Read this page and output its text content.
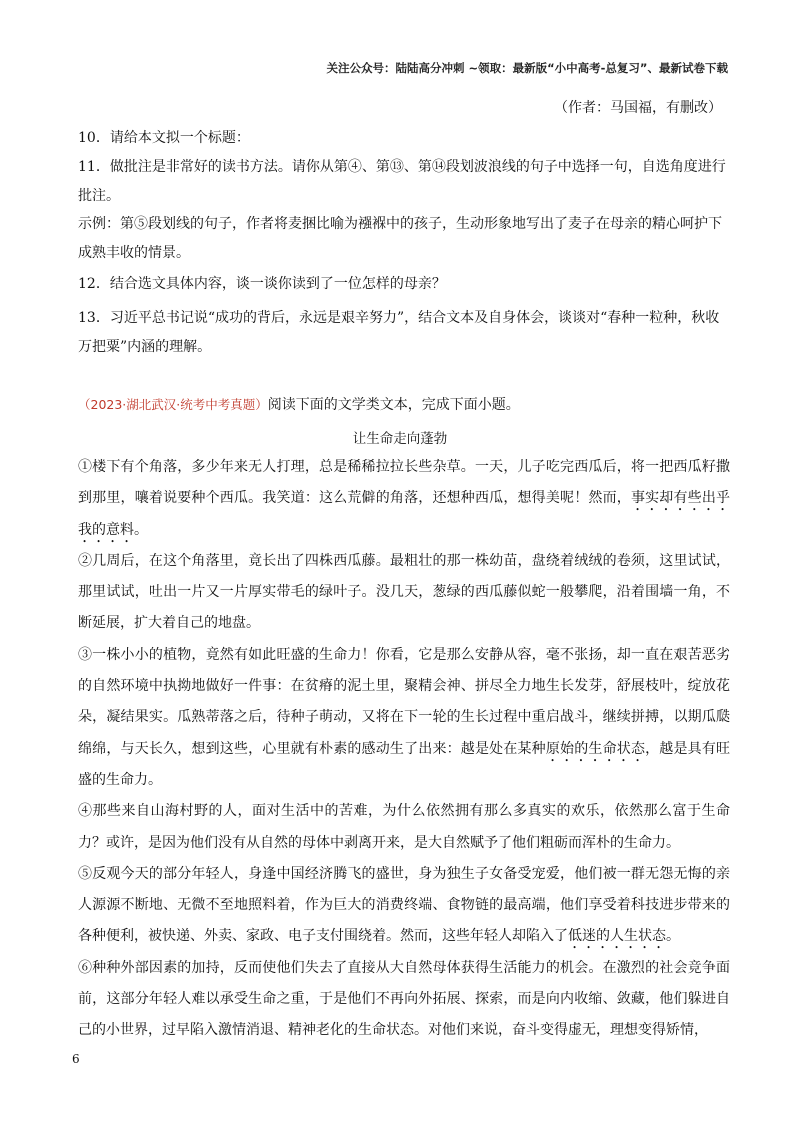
关注公众号：陆陆高分冲刺 ~领取：最新版“小中高考-总复习”、最新试卷下载
（作者：马国福，有删改）
10．请给本文拟一个标题：
11．做批注是非常好的读书方法。请你从第④、第⑬、第⑭段划波浪线的句子中选择一句，自选角度进行批注。
示例：第⑤段划线的句子，作者将麦捆比喻为襁褓中的孩子，生动形象地写出了麦子在母亲的精心呵护下成熟丰收的情景。
12．结合选文具体内容，谈一谈你读到了一位怎样的母亲？
13．习近平总书记说“成功的背后，永远是艰辛努力”，结合文本及自身体会，谈谈对“春种一粒种，秋收万把粟”内涵的理解。
（2023·湖北武汉·统考中考真题）阅读下面的文学类文本，完成下面小题。
让生命走向蓬勃

①楼下有个角落，多少年来无人打理，总是稀稀拉拉长些杂草。一天，儿子吃完西瓜后，将一把西瓜籽撒到那里，嚷着说要种个西瓜。我笑道：这么荒僻的角落，还想种西瓜，想得美呢！然而，事实却有些出乎我的意料。

②几周后，在这个角落里，竟长出了四株西瓜藤。最粗壮的那一株幼苗，盘绕着绒绒的卷须，这里试试，那里试试，吐出一片又一片厚实带毛的绿叶子。没几天，葱绿的西瓜藤似蛇一般攀爬，沿着围墙一角，不断延展，扩大着自己的地盘。

③一株小小的植物，竟然有如此旺盛的生命力！你看，它是那么安静从容，毫不张扬，却一直在艰苦恶劣的自然环境中执拗地做好一件事：在贫瘠的泥土里，聚精会神、拼尽全力地生长发芽，舒展枝叶，绽放花朵，凝结果实。瓜熟蒂落之后，待种子萌动，又将在下一轮的生长过程中重启战斗，继续拼搏，以期瓜瓞绵绵，与天长久，想到这些，心里就有朴素的感动生了出来：越是处在某种原始的生命状态，越是具有旺盛的生命力。

④那些来自山海村野的人，面对生活中的苦难，为什么依然拥有那么多真实的欢乐，依然那么富于生命力？或许，是因为他们没有从自然的母体中剥离开来，是大自然赋予了他们粗砺而浑朴的生命力。

⑤反观今天的部分年轻人，身逢中国经济腾飞的盛世，身为独生子女备受宠爱，他们被一群无怨无悔的亲人源源不断地、无微不至地照料着，作为巨大的消费终端、食物链的最高端，他们享受着科技进步带来的各种便利，被快递、外卖、家政、电子支付围绕着。然而，这些年轻人却陷入了低迷的人生状态。

⑥种种外部因素的加持，反而使他们失去了直接从大自然母体获得生活能力的机会。在激烈的社会竞争面前，这部分年轻人难以承受生命之重，于是他们不再向外拓展、探索，而是向内收缩、敛藏，他们躲进自己的小世界，过早陷入激情消退、精神老化的生命状态。对他们来说，奋斗变得虚无，理想变得矫情，

6
